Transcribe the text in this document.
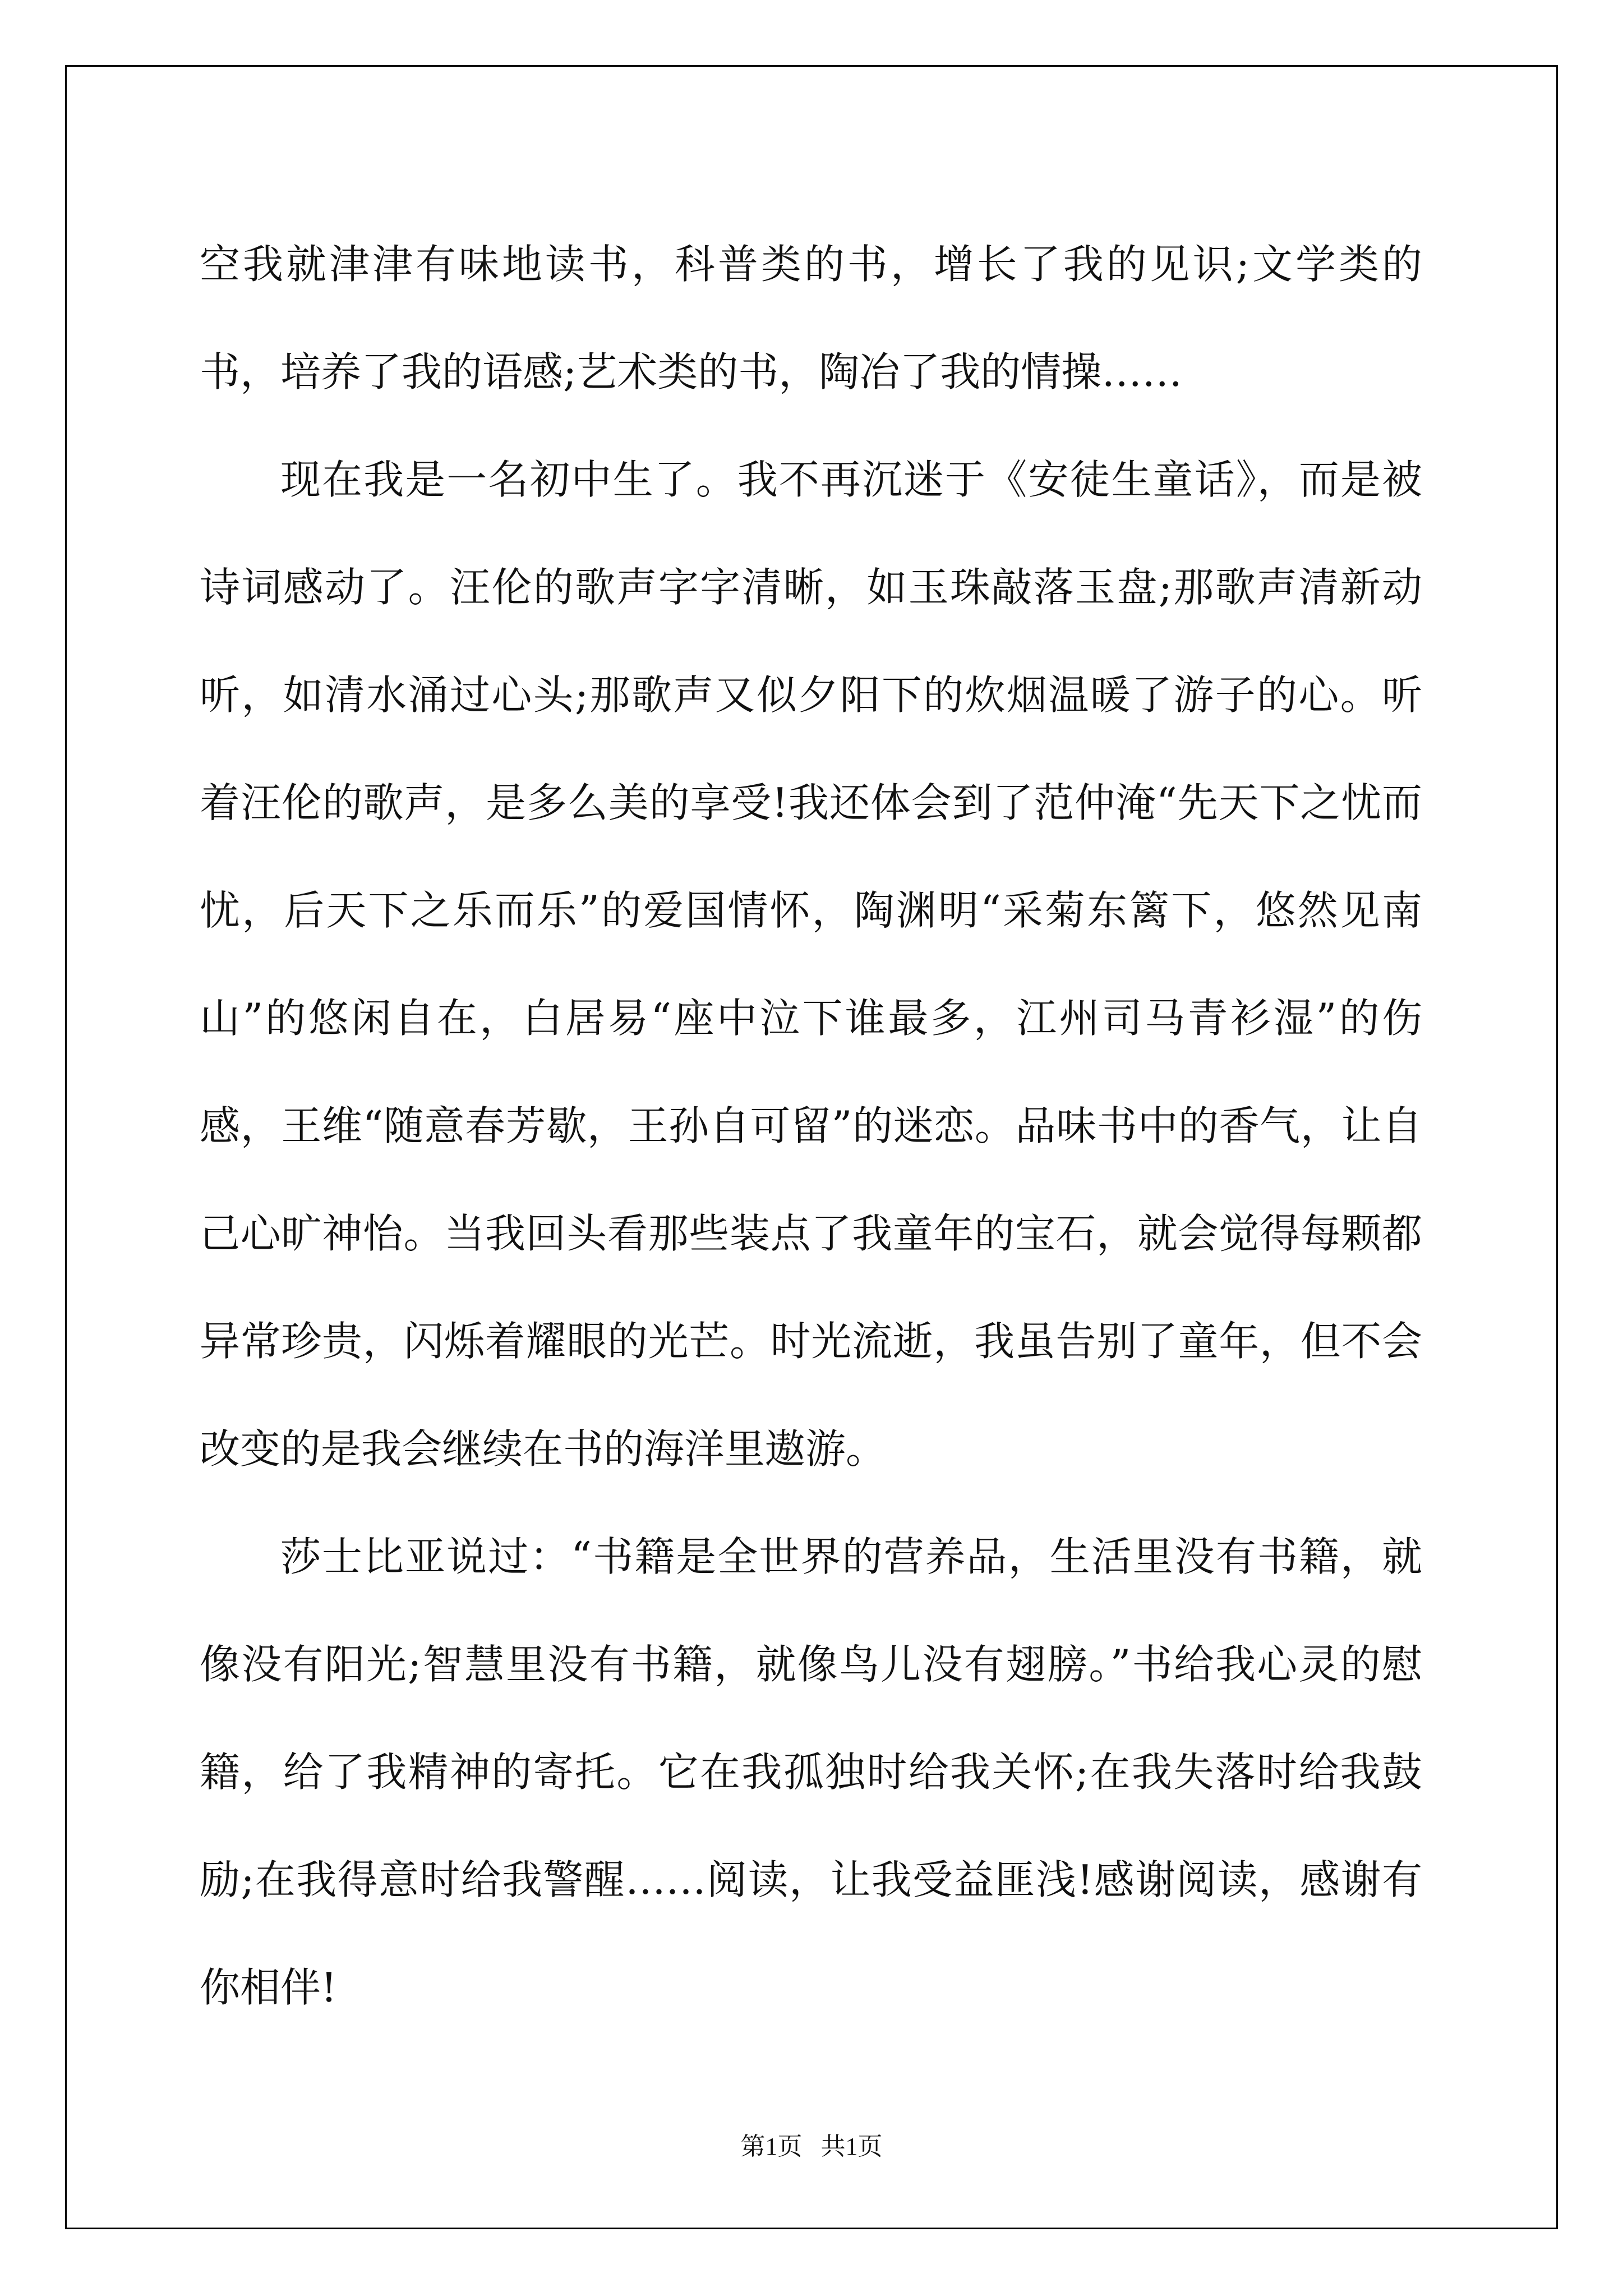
空我就津津有味地读书，科普类的书，增长了我的见识;文学类的书，培养了我的语感;艺术类的书，陶冶了我的情操……

现在我是一名初中生了。我不再沉迷于《安徒生童话》，而是被诗词感动了。汪伦的歌声字字清晰，如玉珠敲落玉盘;那歌声清新动听，如清水涌过心头;那歌声又似夕阳下的炊烟温暖了游子的心。听着汪伦的歌声，是多么美的享受!我还体会到了范仲淹“先天下之忧而忧，后天下之乐而乐”的爱国情怀，陶渊明“采菊东篱下，悠然见南山”的悠闲自在，白居易“座中泣下谁最多，江州司马青衫湿”的伤感，王维“随意春芳歇，王孙自可留”的迷恋。品味书中的香气，让自己心旷神怡。当我回头看那些装点了我童年的宝石，就会觉得每颗都异常珍贵，闪烁着耀眼的光芒。时光流逝，我虽告别了童年，但不会改变的是我会继续在书的海洋里遨游。

莎士比亚说过：“书籍是全世界的营养品，生活里没有书籍，就像没有阳光;智慧里没有书籍，就像鸟儿没有翅膀。”书给我心灵的慰籍，给了我精神的寄托。它在我孤独时给我关怀;在我失落时给我鼓励;在我得意时给我警醒……阅读，让我受益匪浅!感谢阅读，感谢有你相伴!

第1页   共1页
